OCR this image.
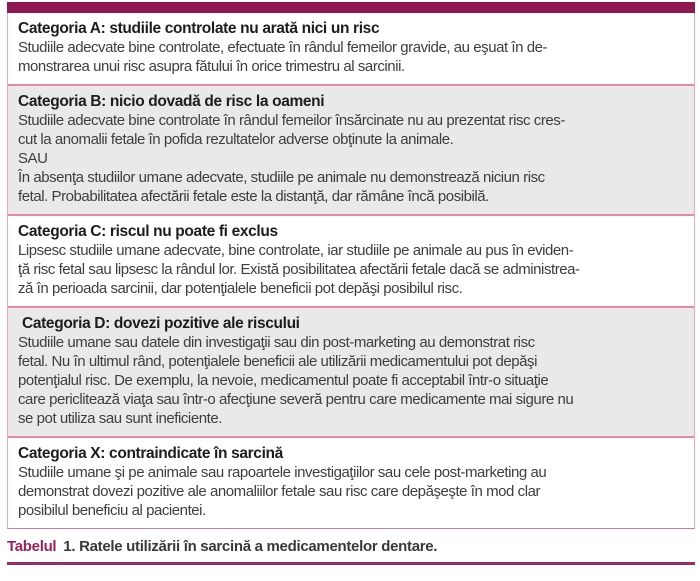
Categoria A: studiile controlate nu arată nici un risc
Studiile adecvate bine controlate, efectuate în rândul femeilor gravide, au eşuat în de-
monstrarea unui risc asupra fătului în orice trimestru al sarcinii.
Categoria B: nicio dovadă de risc la oameni
Studiile adecvate bine controlate în rândul femeilor însărcinate nu au prezentat risc cres-
cut la anomalii fetale în pofida rezultatelor adverse obţinute la animale.
SAU
În absenţa studiilor umane adecvate, studiile pe animale nu demonstrează niciun risc
fetal. Probabilitatea afectării fetale este la distanţă, dar rămâne încă posibilă.
Categoria C: riscul nu poate fi exclus
Lipsesc studiile umane adecvate, bine controlate, iar studiile pe animale au pus în eviden-
ţă risc fetal sau lipsesc la rândul lor. Există posibilitatea afectării fetale dacă se administrea-
ză în perioada sarcinii, dar potenţialele beneficii pot depăşi posibilul risc.
Categoria D: dovezi pozitive ale riscului
Studiile umane sau datele din investigaţii sau din post-marketing au demonstrat risc
fetal. Nu în ultimul rând, potenţialele beneficii ale utilizării medicamentului pot depăşi
potenţialul risc. De exemplu, la nevoie, medicamentul poate fi acceptabil într-o situaţie
care periclitează viaţa sau într-o afecţiune severă pentru care medicamente mai sigure nu
se pot utiliza sau sunt ineficiente.
Categoria X: contraindicate în sarcină
Studiile umane şi pe animale sau rapoartele investigaţiilor sau cele post-marketing au
demonstrat dovezi pozitive ale anomaliilor fetale sau risc care depăşeşte în mod clar
posibilul beneficiu al pacientei.
Tabelul 1. Ratele utilizării în sarcină a medicamentelor dentare.
